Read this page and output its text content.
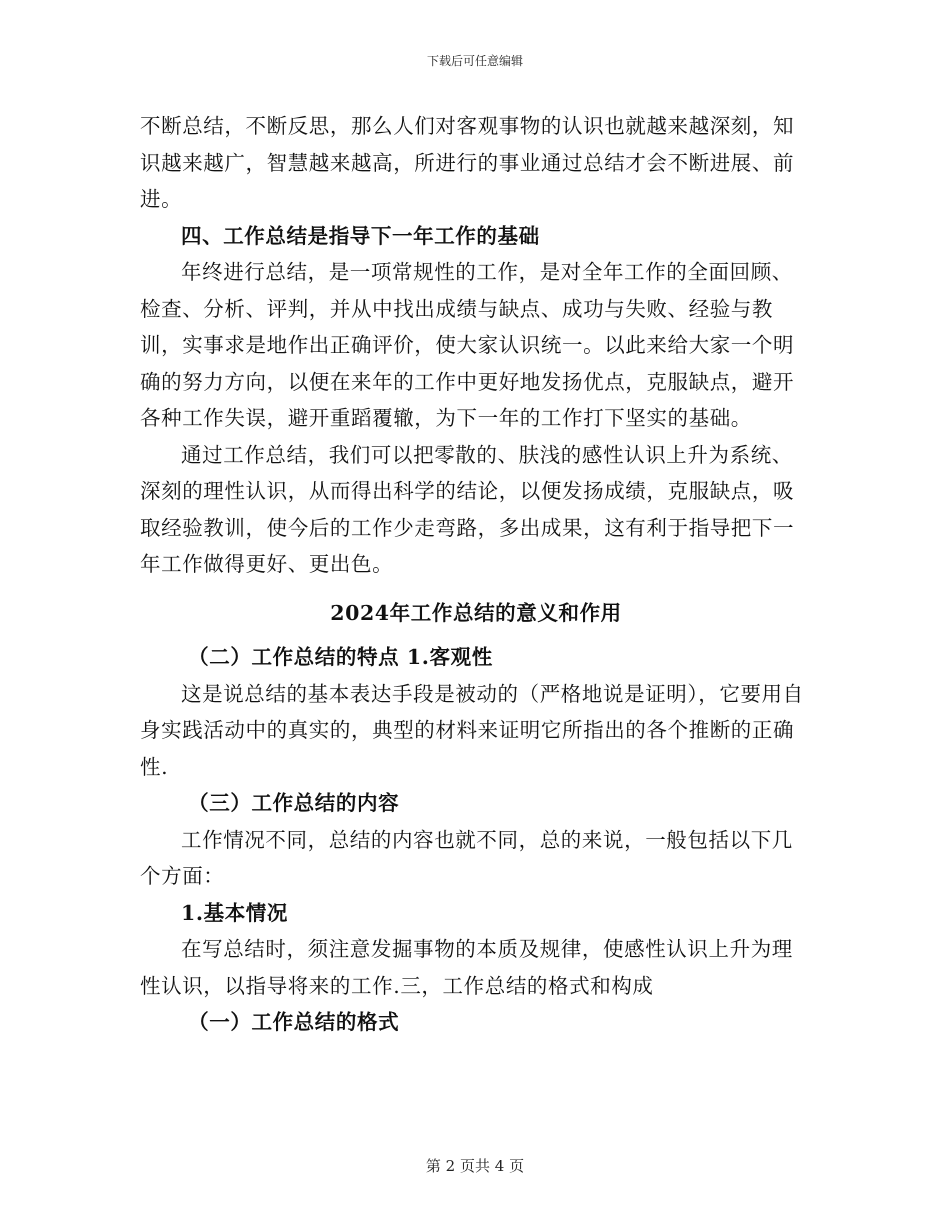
下载后可任意编辑

不断总结，不断反思，那么人们对客观事物的认识也就越来越深刻，知识越来越广，智慧越来越高，所进行的事业通过总结才会不断进展、前进。

四、工作总结是指导下一年工作的基础

年终进行总结，是一项常规性的工作，是对全年工作的全面回顾、检查、分析、评判，并从中找出成绩与缺点、成功与失败、经验与教训，实事求是地作出正确评价，使大家认识统一。以此来给大家一个明确的努力方向，以便在来年的工作中更好地发扬优点，克服缺点，避开各种工作失误，避开重蹈覆辙，为下一年的工作打下坚实的基础。

通过工作总结，我们可以把零散的、肤浅的感性认识上升为系统、深刻的理性认识，从而得出科学的结论，以便发扬成绩，克服缺点，吸取经验教训，使今后的工作少走弯路，多出成果，这有利于指导把下一年工作做得更好、更出色。

2024年工作总结的意义和作用

（二）工作总结的特点 1.客观性

这是说总结的基本表达手段是被动的（严格地说是证明），它要用自身实践活动中的真实的，典型的材料来证明它所指出的各个推断的正确性.

（三）工作总结的内容

工作情况不同，总结的内容也就不同，总的来说，一般包括以下几个方面：

1.基本情况

在写总结时，须注意发掘事物的本质及规律，使感性认识上升为理性认识，以指导将来的工作.三，工作总结的格式和构成

（一）工作总结的格式

第 2 页共 4 页
